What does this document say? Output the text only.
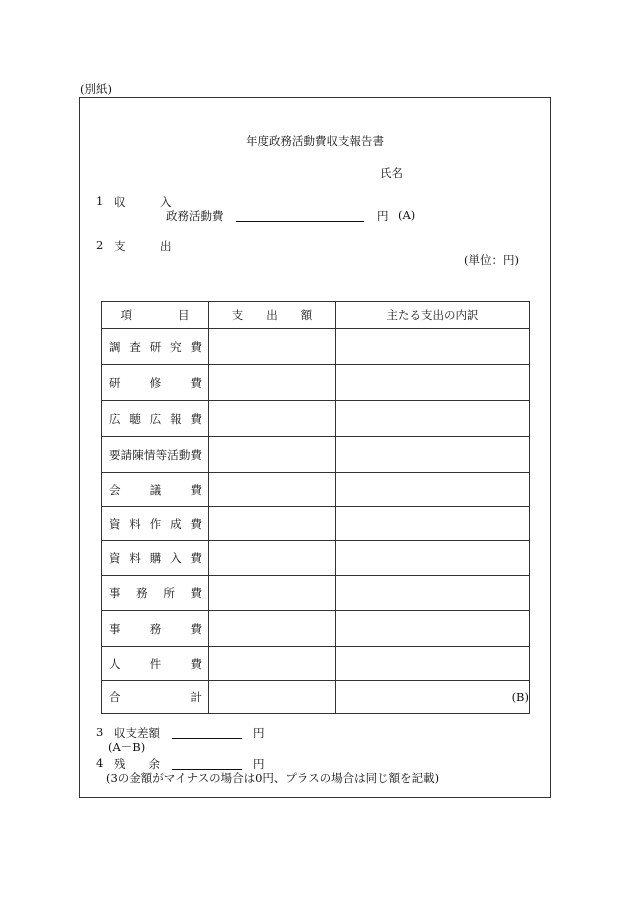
(別紙)
年度政務活動費収支報告書
氏名
1 収　　　入
政務活動費	円 (A)
2 支　　　出
(単位：円)
項　　　　目	支　　出　　額	主たる支出の内訳

調査研究費		

研修費		

広聴広報費		

要請陳情等活動費		

会議費		

資料作成費		

資料購入費		

事務所費		

事務費		

人件費		

合計		(B)
3 収支差額	円
(A－B)
4 残　　余	円
(3の金額がマイナスの場合は0円、プラスの場合は同じ額を記載)
